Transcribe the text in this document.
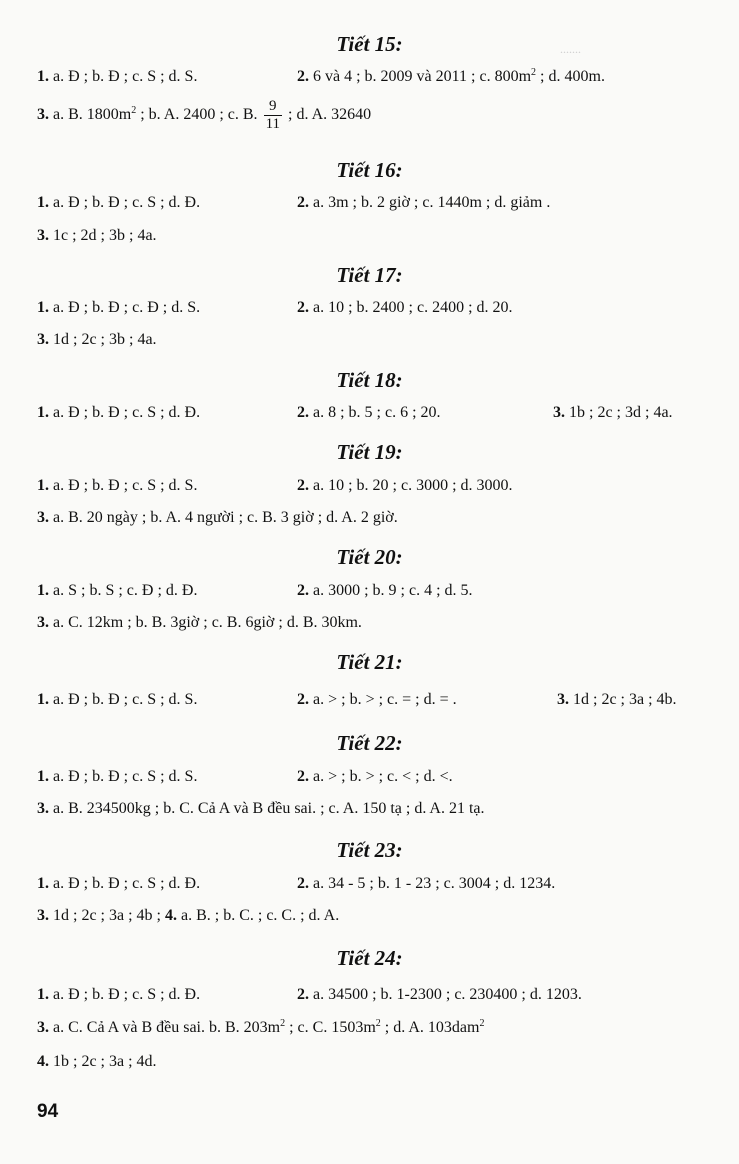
.......
Tiết 15:
1. a. Đ ; b. Đ ; c. S ; d. S.	2. 6 và 4 ; b. 2009 và 2011 ; c. $800m^2$ ; d. 400m.
3. a. B. $1800m^2$ ; b. A. 2400 ; c. B. $\frac{9}{11}$ ; d. A. 32640
Tiết 16:
1. a. Đ ; b. Đ ; c. S ; d. Đ.	2. a. 3m ; b. 2 giờ ; c. 1440m ; d. giảm .
3. 1c ; 2d ; 3b ; 4a.
Tiết 17:
1. a. Đ ; b. Đ ; c. Đ ; d. S.	2. a. 10 ; b. 2400 ; c. 2400 ; d. 20.
3. 1d ; 2c ; 3b ; 4a.
Tiết 18:
1. a. Đ ; b. Đ ; c. S ; d. Đ.	2. a. 8 ; b. 5 ; c. 6 ; 20.	3. 1b ; 2c ; 3d ; 4a.
Tiết 19:
1. a. Đ ; b. Đ ; c. S ; d. S.	2. a. 10 ; b. 20 ; c. 3000 ; d. 3000.
3. a. B. 20 ngày ; b. A. 4 người ; c. B. 3 giờ ; d. A. 2 giờ.
Tiết 20:
1. a. S ; b. S ; c. Đ ; d. Đ.	2. a. 3000 ; b. 9 ; c. 4 ; d. 5.
3. a. C. 12km ; b. B. 3giờ ; c. B. 6giờ ; d. B. 30km.
Tiết 21:
1. a. Đ ; b. Đ ; c. S ; d. S.	2. a. > ; b. > ; c. = ; d. = .	3. 1d ; 2c ; 3a ; 4b.
Tiết 22:
1. a. Đ ; b. Đ ; c. S ; d. S.	2. a. > ; b. > ; c. < ; d. <.
3. a. B. 234500kg ; b. C. Cả A và B đều sai. ; c. A. 150 tạ ; d. A. 21 tạ.
Tiết 23:
1. a. Đ ; b. Đ ; c. S ; d. Đ.	2. a. 34 - 5 ; b. 1 - 23 ; c. 3004 ; d. 1234.
3. 1d ; 2c ; 3a ; 4b ; 4. a. B. ; b. C. ; c. C. ; d. A.
Tiết 24:
1. a. Đ ; b. Đ ; c. S ; d. Đ.	2. a. 34500 ; b. 1-2300 ; c. 230400 ; d. 1203.
3. a. C. Cả A và B đều sai. b. B. $203m^2$ ; c. C. $1503m^2$ ; d. A. 103dam$^2$
4. 1b ; 2c ; 3a ; 4d.
94
